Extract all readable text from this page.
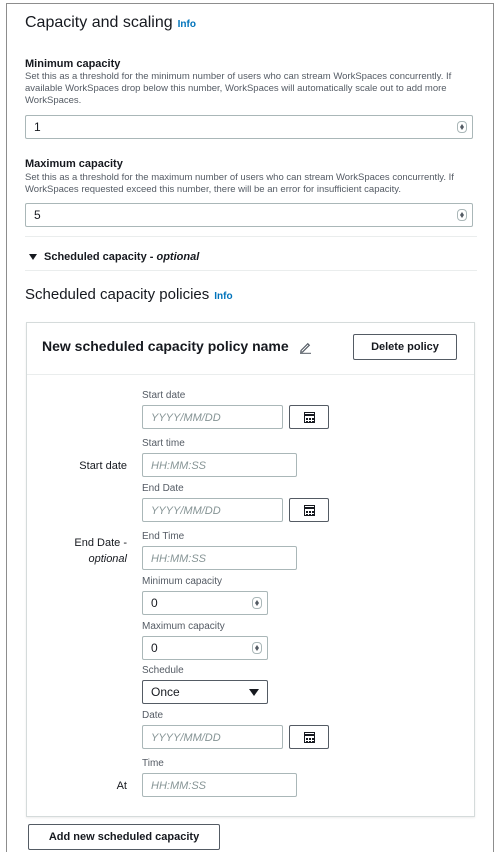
Capacity and scaling Info
Minimum capacity
Set this as a threshold for the minimum number of users who can stream WorkSpaces concurrently. If available WorkSpaces drop below this number, WorkSpaces will automatically scale out to add more WorkSpaces.
1
Maximum capacity
Set this as a threshold for the maximum number of users who can stream WorkSpaces concurrently. If WorkSpaces requested exceed this number, there will be an error for insufficient capacity.
5
Scheduled capacity - optional
Scheduled capacity policies Info
New scheduled capacity policy name	Delete policy
Start date
YYYY/MM/DD
Start time
Start date	HH:MM:SS
End Date
YYYY/MM/DD
End Time
End Date -
optional	HH:MM:SS
Minimum capacity
0
Maximum capacity
0
Schedule
Once
Date
YYYY/MM/DD
Time
At	HH:MM:SS
Add new scheduled capacity
